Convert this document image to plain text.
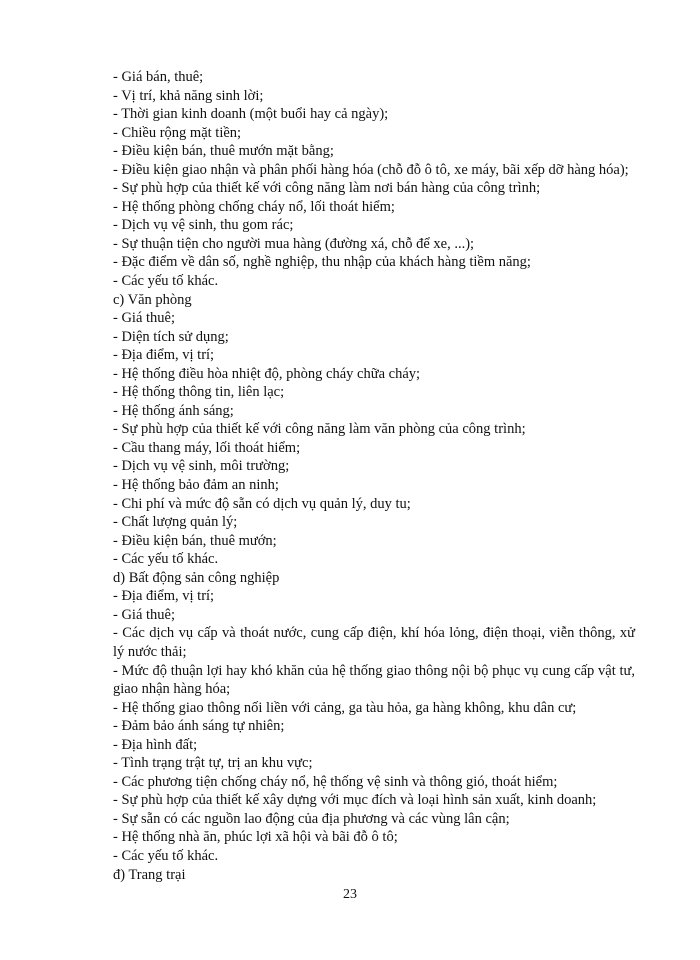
- Giá bán, thuê;
- Vị trí, khả năng sinh lời;
- Thời gian kinh doanh (một buổi hay cả ngày);
- Chiều rộng mặt tiền;
- Điều kiện bán, thuê mướn mặt bằng;
- Điều kiện giao nhận và phân phối hàng hóa (chỗ đỗ ô tô, xe máy, bãi xếp dỡ hàng hóa);
- Sự phù hợp của thiết kế với công năng làm nơi bán hàng của công trình;
- Hệ thống phòng chống cháy nổ, lối thoát hiểm;
- Dịch vụ vệ sinh, thu gom rác;
- Sự thuận tiện cho người mua hàng (đường xá, chỗ để xe, ...);
- Đặc điểm về dân số, nghề nghiệp, thu nhập của khách hàng tiềm năng;
- Các yếu tố khác.
c) Văn phòng
- Giá thuê;
- Diện tích sử dụng;
- Địa điểm, vị trí;
- Hệ thống điều hòa nhiệt độ, phòng cháy chữa cháy;
- Hệ thống thông tin, liên lạc;
- Hệ thống ánh sáng;
- Sự phù hợp của thiết kế với công năng làm văn phòng của công trình;
- Cầu thang máy, lối thoát hiểm;
- Dịch vụ vệ sinh, môi trường;
- Hệ thống bảo đảm an ninh;
- Chi phí và mức độ sẵn có dịch vụ quản lý, duy tu;
- Chất lượng quản lý;
- Điều kiện bán, thuê mướn;
- Các yếu tố khác.
d) Bất động sản công nghiệp
- Địa điểm, vị trí;
- Giá thuê;
- Các dịch vụ cấp và thoát nước, cung cấp điện, khí hóa lỏng, điện thoại, viễn thông, xử lý nước thải;
- Mức độ thuận lợi hay khó khăn của hệ thống giao thông nội bộ phục vụ cung cấp vật tư, giao nhận hàng hóa;
- Hệ thống giao thông nối liền với cảng, ga tàu hỏa, ga hàng không, khu dân cư;
- Đảm bảo ánh sáng tự nhiên;
- Địa hình đất;
- Tình trạng trật tự, trị an khu vực;
- Các phương tiện chống cháy nổ, hệ thống vệ sinh và thông gió, thoát hiểm;
- Sự phù hợp của thiết kế xây dựng với mục đích và loại hình sản xuất, kinh doanh;
- Sự sẵn có các nguồn lao động của địa phương và các vùng lân cận;
- Hệ thống nhà ăn, phúc lợi xã hội và bãi đỗ ô tô;
- Các yếu tố khác.
đ) Trang trại
23
